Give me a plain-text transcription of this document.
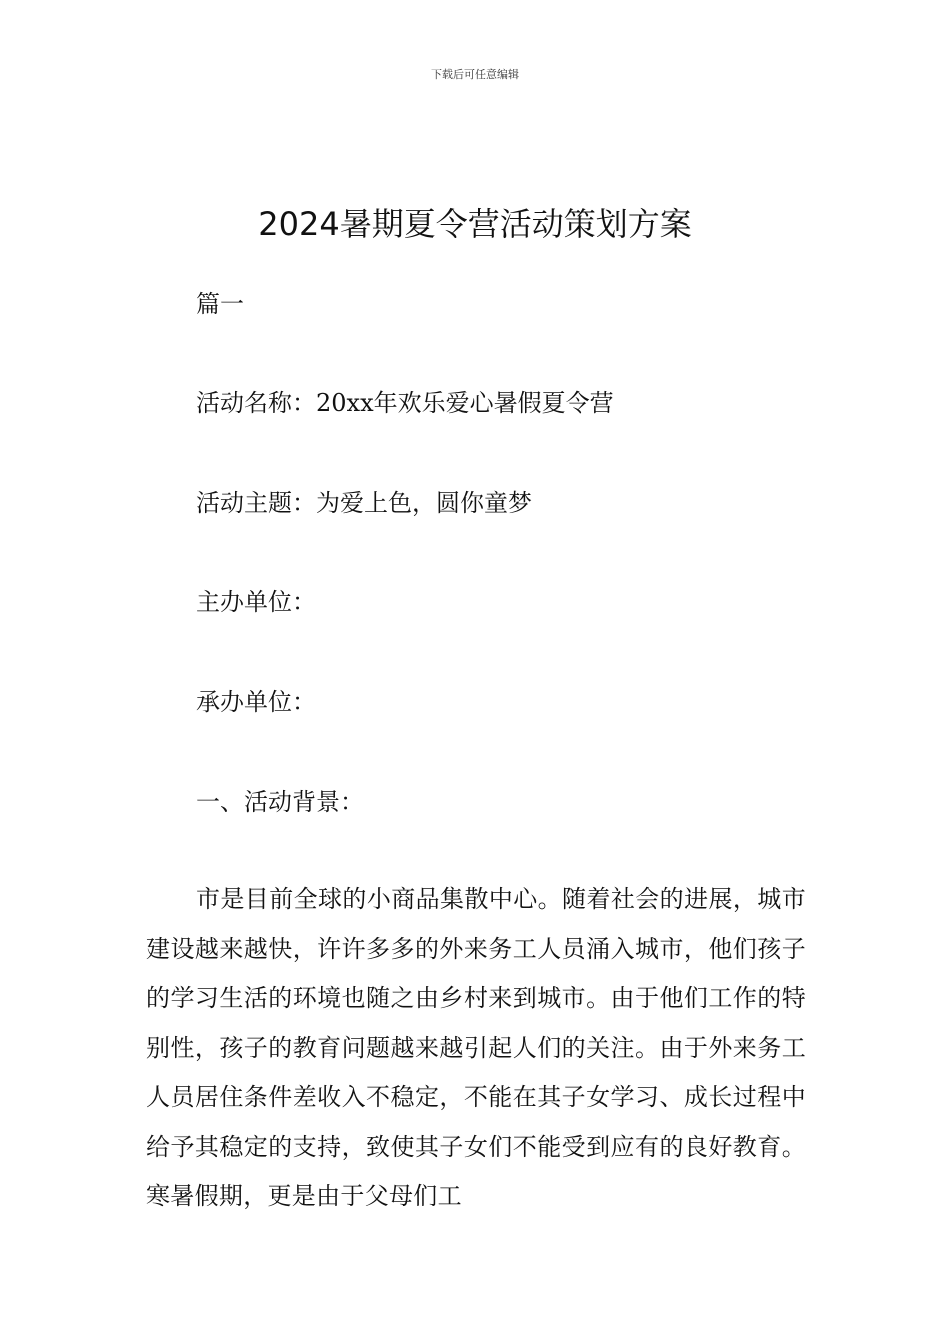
下载后可任意编辑
2024暑期夏令营活动策划方案
篇一
活动名称：20xx年欢乐爱心暑假夏令营
活动主题：为爱上色，圆你童梦
主办单位：
承办单位：
一、活动背景：

市是目前全球的小商品集散中心。随着社会的进展，城市建设越来越快，许许多多的外来务工人员涌入城市，他们孩子的学习生活的环境也随之由乡村来到城市。由于他们工作的特别性，孩子的教育问题越来越引起人们的关注。由于外来务工人员居住条件差收入不稳定，不能在其子女学习、成长过程中给予其稳定的支持，致使其子女们不能受到应有的良好教育。寒暑假期，更是由于父母们工
